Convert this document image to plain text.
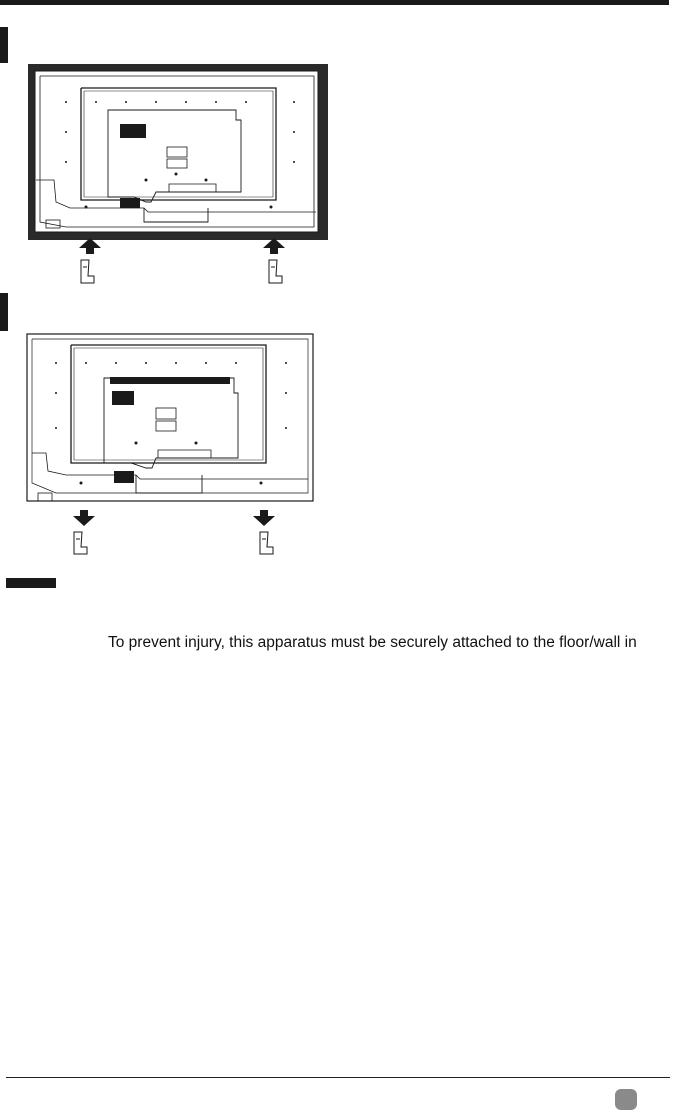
To prevent injury, this apparatus must be securely attached to the floor/wall in
